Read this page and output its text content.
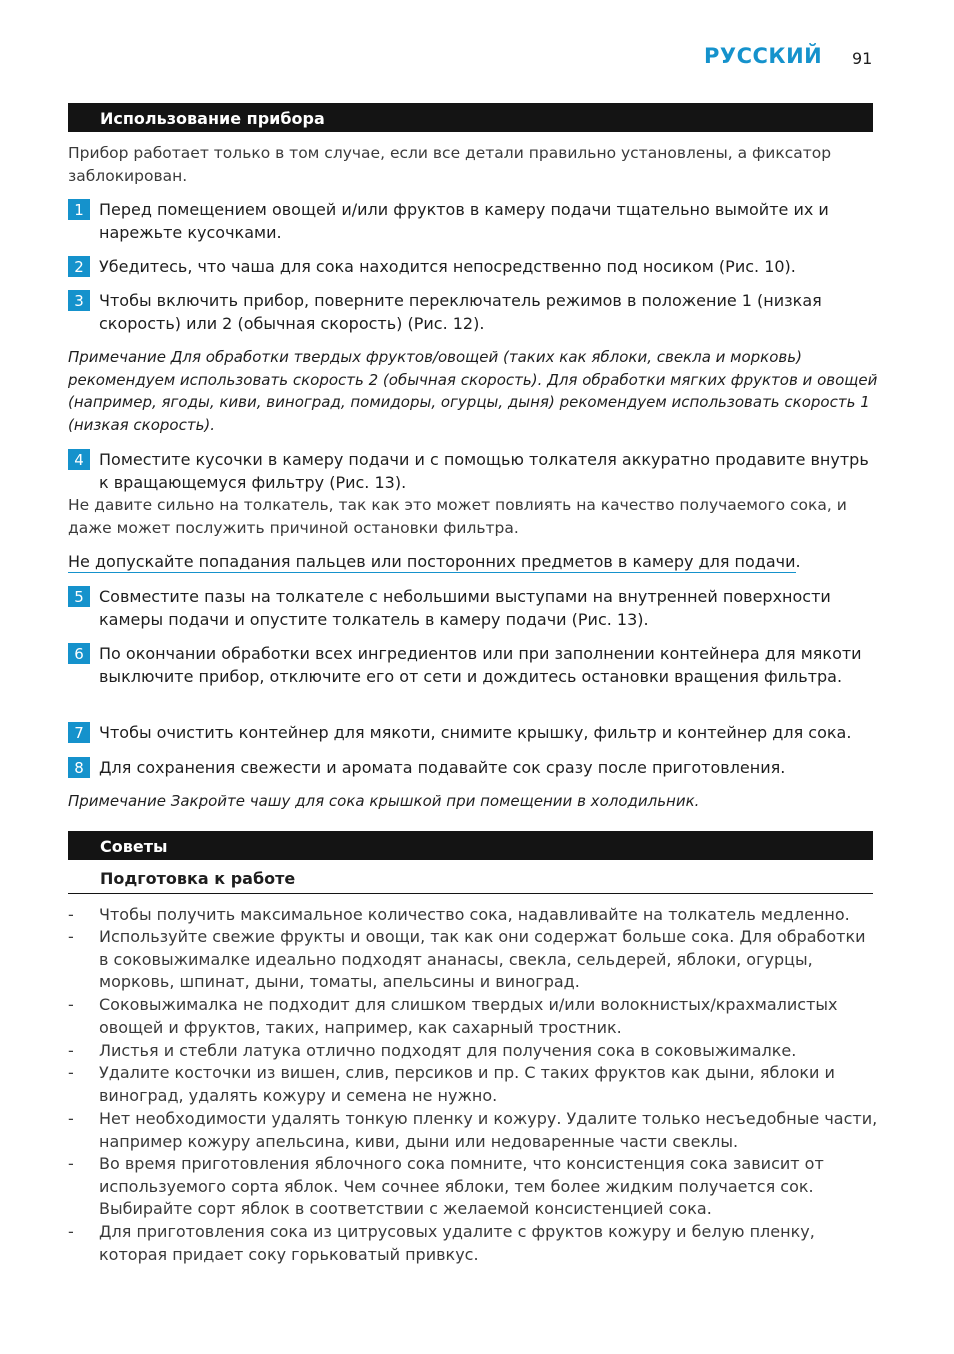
РУССКИЙ 91
Использование прибора
Прибор работает только в том случае, если все детали правильно установлены, а фиксатор заблокирован.
1 Перед помещением овощей и/или фруктов в камеру подачи тщательно вымойте их и нарежьте кусочками.
2 Убедитесь, что чаша для сока находится непосредственно под носиком (Рис. 10).
3 Чтобы включить прибор, поверните переключатель режимов в положение 1 (низкая скорость) или 2 (обычная скорость) (Рис. 12).
Примечание Для обработки твердых фруктов/овощей (таких как яблоки, свекла и морковь) рекомендуем использовать скорость 2 (обычная скорость). Для обработки мягких фруктов и овощей (например, ягоды, киви, виноград, помидоры, огурцы, дыня) рекомендуем использовать скорость 1 (низкая скорость).
4 Поместите кусочки в камеру подачи и с помощью толкателя аккуратно продавите внутрь к вращающемуся фильтру (Рис. 13).
Не давите сильно на толкатель, так как это может повлиять на качество получаемого сока, и даже может послужить причиной остановки фильтра.
Не допускайте попадания пальцев или посторонних предметов в камеру для подачи.
5 Совместите пазы на толкателе с небольшими выступами на внутренней поверхности камеры подачи и опустите толкатель в камеру подачи (Рис. 13).
6 По окончании обработки всех ингредиентов или при заполнении контейнера для мякоти выключите прибор, отключите его от сети и дождитесь остановки вращения фильтра.
7 Чтобы очистить контейнер для мякоти, снимите крышку, фильтр и контейнер для сока.
8 Для сохранения свежести и аромата подавайте сок сразу после приготовления.
Примечание Закройте чашу для сока крышкой при помещении в холодильник.
Советы
Подготовка к работе
- Чтобы получить максимальное количество сока, надавливайте на толкатель медленно.
- Используйте свежие фрукты и овощи, так как они содержат больше сока. Для обработки в соковыжималке идеально подходят ананасы, свекла, сельдерей, яблоки, огурцы, морковь, шпинат, дыни, томаты, апельсины и виноград.
- Соковыжималка не подходит для слишком твердых и/или волокнистых/крахмалистых овощей и фруктов, таких, например, как сахарный тростник.
- Листья и стебли латука отлично подходят для получения сока в соковыжималке.
- Удалите косточки из вишен, слив, персиков и пр. С таких фруктов как дыни, яблоки и виноград, удалять кожуру и семена не нужно.
- Нет необходимости удалять тонкую пленку и кожуру. Удалите только несъедобные части, например кожуру апельсина, киви, дыни или недоваренные части свеклы.
- Во время приготовления яблочного сока помните, что консистенция сока зависит от используемого сорта яблок. Чем сочнее яблоки, тем более жидким получается сок. Выбирайте сорт яблок в соответствии с желаемой консистенцией сока.
- Для приготовления сока из цитрусовых удалите с фруктов кожуру и белую пленку, которая придает соку горьковатый привкус.
